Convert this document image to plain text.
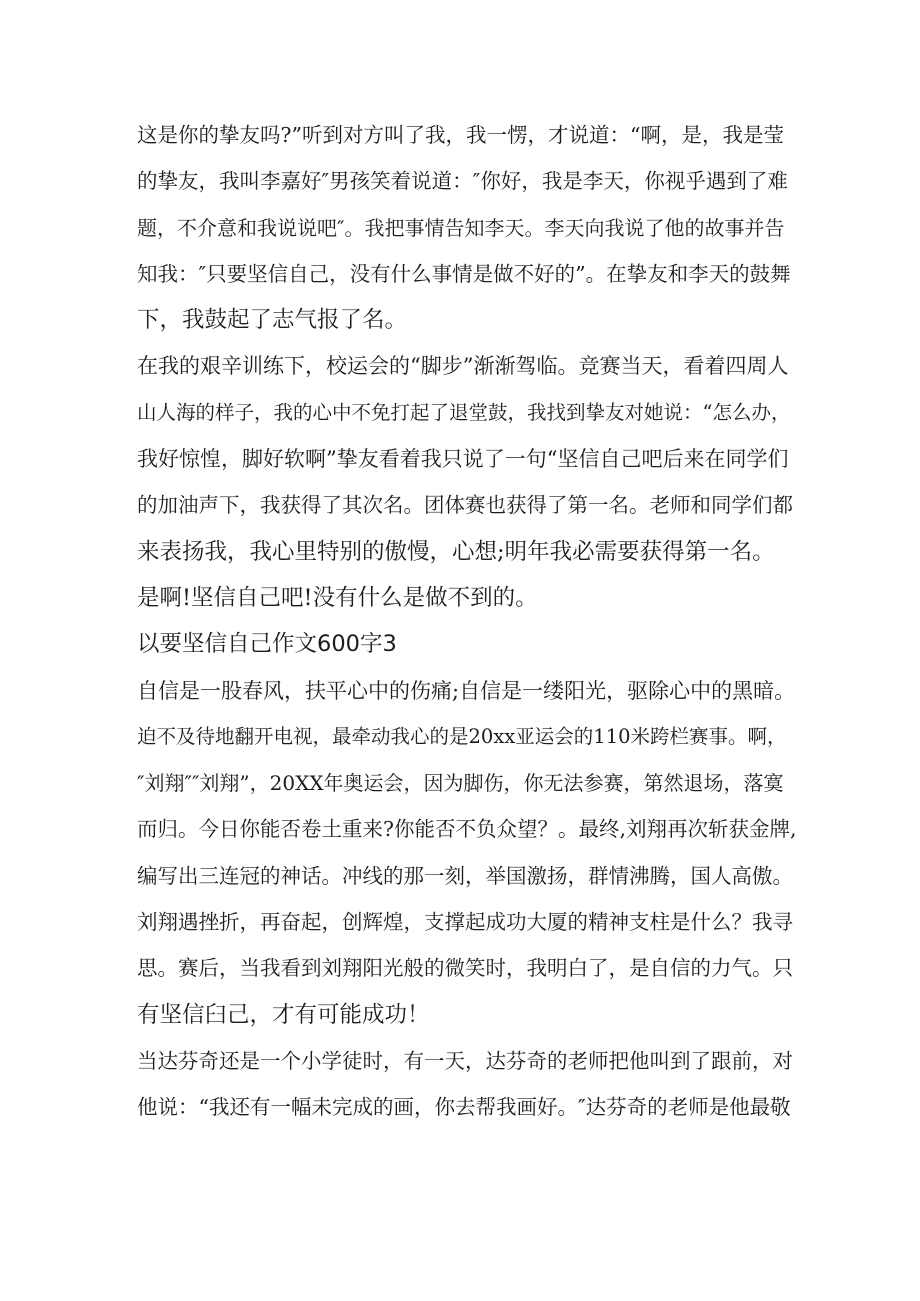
这是你的挚友吗?”听到对方叫了我，我一愣，才说道：“啊，是，我是莹
的挚友，我叫李嘉好″男孩笑着说道：″你好，我是李天，你视乎遇到了难
题，不介意和我说说吧″。我把事情告知李天。李天向我说了他的故事并告
知我：″只要坚信自己，没有什么事情是做不好的”。在挚友和李天的鼓舞
下，我鼓起了志气报了名。
在我的艰辛训练下，校运会的“脚步”渐渐驾临。竞赛当天，看着四周人
山人海的样子，我的心中不免打起了退堂鼓，我找到挚友对她说：“怎么办，
我好惊惶，脚好软啊”挚友看着我只说了一句“坚信自己吧后来在同学们
的加油声下，我获得了其次名。团体赛也获得了第一名。老师和同学们都
来表扬我，我心里特别的傲慢，心想;明年我必需要获得第一名。
是啊!坚信自己吧!没有什么是做不到的。
以要坚信自己作文600字3
自信是一股春风，扶平心中的伤痛;自信是一缕阳光，驱除心中的黑暗。
迫不及待地翻开电视，最牵动我心的是20xx亚运会的110米跨栏赛事。啊，
″刘翔″″刘翔”，20XX年奥运会，因为脚伤，你无法参赛，第然退场，落寞
而归。今日你能否卷土重来?你能否不负众望？。最终,刘翔再次斩获金牌,
编写出三连冠的神话。冲线的那一刻，举国激扬，群情沸腾，国人高傲。
刘翔遇挫折，再奋起，创辉煌，支撑起成功大厦的精神支柱是什么？我寻
思。赛后，当我看到刘翔阳光般的微笑时，我明白了，是自信的力气。只
有坚信臼己，才有可能成功！
当达芬奇还是一个小学徒时，有一天，达芬奇的老师把他叫到了跟前，对
他说：“我还有一幅未完成的画，你去帮我画好。″达芬奇的老师是他最敬
